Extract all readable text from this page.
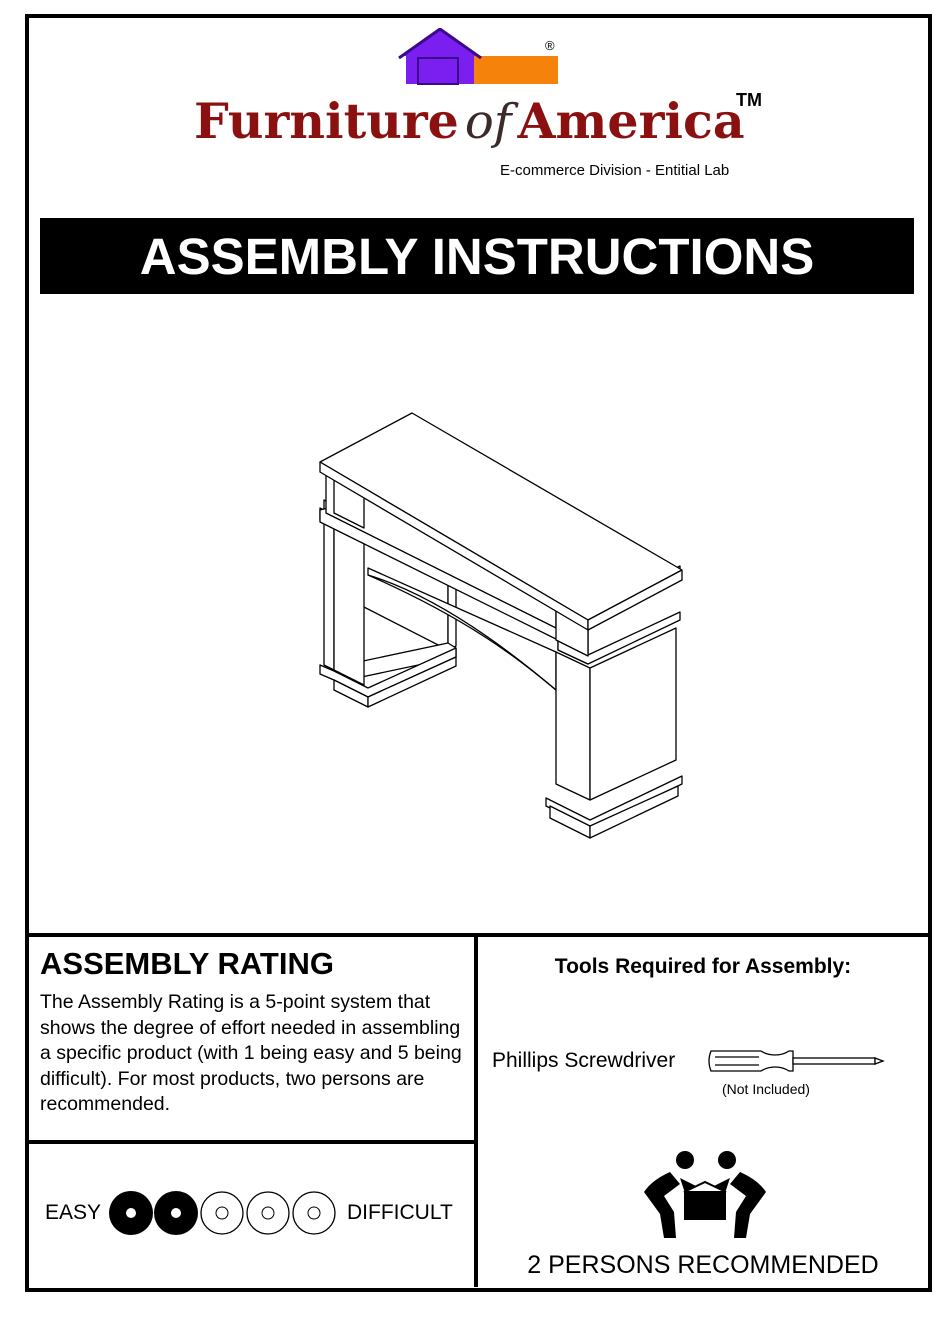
®
Furniture of America
TM
E-commerce Division - Entitial Lab
ASSEMBLY INSTRUCTIONS
ASSEMBLY RATING
The Assembly Rating is a 5-point system that shows the degree of effort needed in assembling a specific product (with 1 being easy and 5 being difficult). For most products, two persons are recommended.
EASY	DIFFICULT
Tools Required for Assembly:
Phillips Screwdriver
(Not Included)
2 PERSONS RECOMMENDED
